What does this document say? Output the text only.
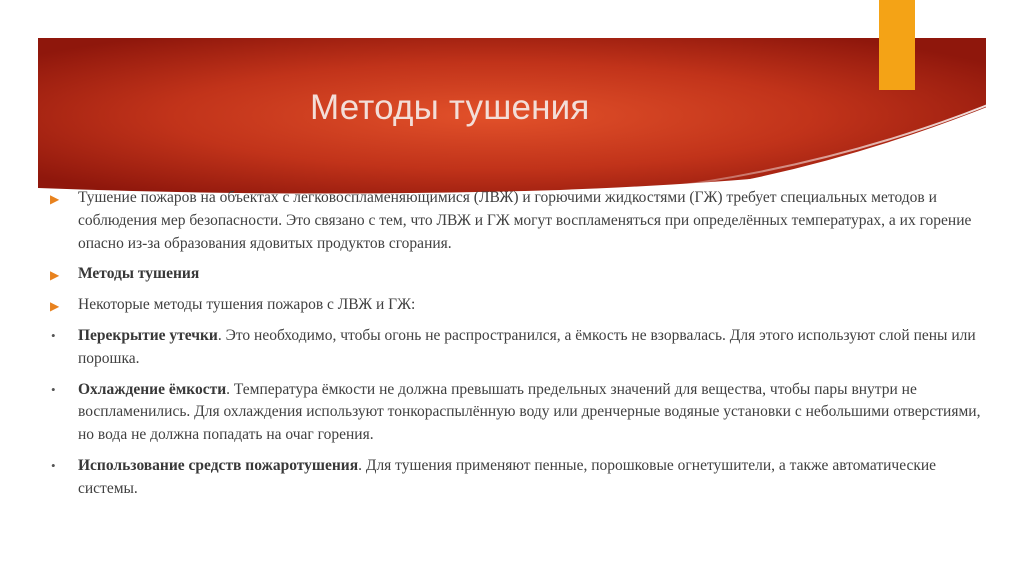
Методы тушения
▶	Тушение пожаров на объектах с легковоспламеняющимися (ЛВЖ) и горючими жидкостями (ГЖ) требует специальных методов и соблюдения мер безопасности. Это связано с тем, что ЛВЖ и ГЖ могут воспламеняться при определённых температурах, а их горение опасно из-за образования ядовитых продуктов сгорания.
▶	Методы тушения
▶	Некоторые методы тушения пожаров с ЛВЖ и ГЖ:
•	Перекрытие утечки. Это необходимо, чтобы огонь не распространился, а ёмкость не взорвалась. Для этого используют слой пены или порошка.
•	Охлаждение ёмкости. Температура ёмкости не должна превышать предельных значений для вещества, чтобы пары внутри не воспламенились. Для охлаждения используют тонкораспылённую воду или дренчерные водяные установки с небольшими отверстиями, но вода не должна попадать на очаг горения.
•	Использование средств пожаротушения. Для тушения применяют пенные, порошковые огнетушители, а также автоматические системы.
